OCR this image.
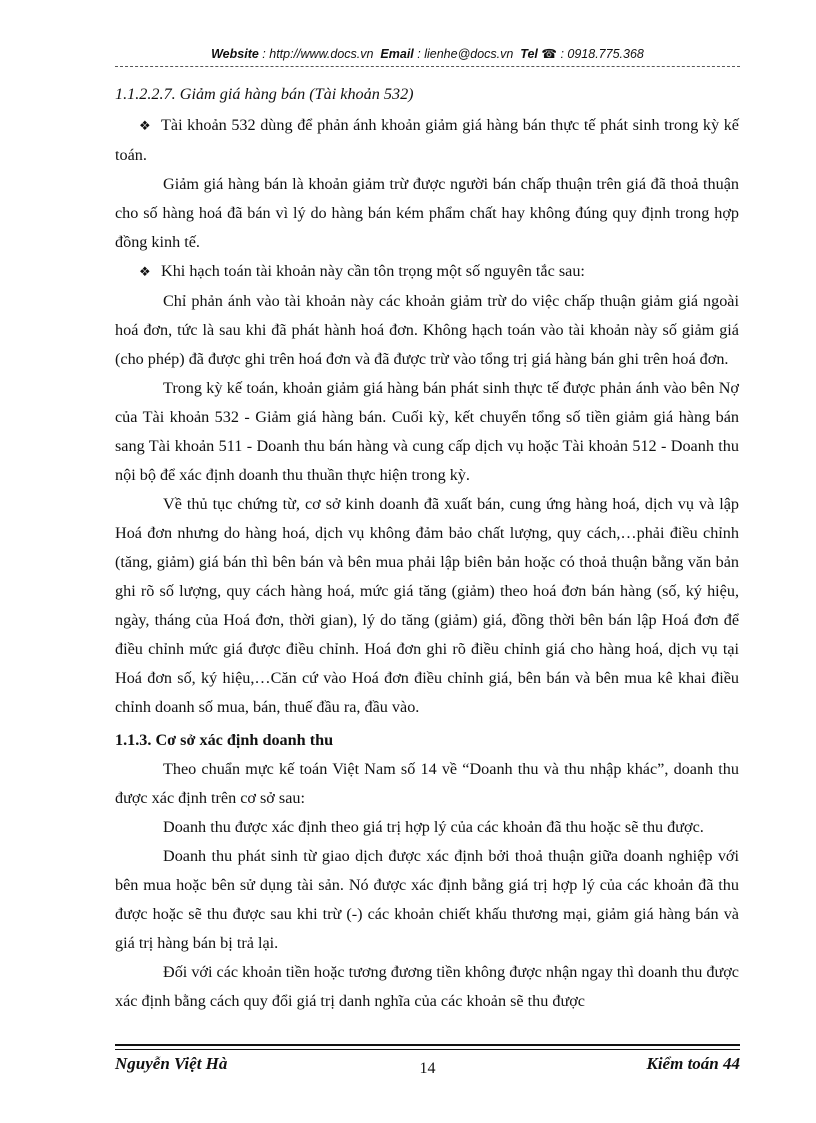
Website : http://www.docs.vn Email : lienhe@docs.vn Tel ☎ : 0918.775.368

1.1.2.2.7. Giảm giá hàng bán (Tài khoản 532)

❖ Tài khoản 532 dùng để phản ánh khoản giảm giá hàng bán thực tế phát sinh trong kỳ kế toán.

Giảm giá hàng bán là khoản giảm trừ được người bán chấp thuận trên giá đã thoả thuận cho số hàng hoá đã bán vì lý do hàng bán kém phẩm chất hay không đúng quy định trong hợp đồng kinh tế.

❖ Khi hạch toán tài khoản này cần tôn trọng một số nguyên tắc sau:

Chỉ phản ánh vào tài khoản này các khoản giảm trừ do việc chấp thuận giảm giá ngoài hoá đơn, tức là sau khi đã phát hành hoá đơn. Không hạch toán vào tài khoản này số giảm giá (cho phép) đã được ghi trên hoá đơn và đã được trừ vào tổng trị giá hàng bán ghi trên hoá đơn.

Trong kỳ kế toán, khoản giảm giá hàng bán phát sinh thực tế được phản ánh vào bên Nợ của Tài khoản 532 - Giảm giá hàng bán. Cuối kỳ, kết chuyển tổng số tiền giảm giá hàng bán sang Tài khoản 511 - Doanh thu bán hàng và cung cấp dịch vụ hoặc Tài khoản 512 - Doanh thu nội bộ để xác định doanh thu thuần thực hiện trong kỳ.

Về thủ tục chứng từ, cơ sở kinh doanh đã xuất bán, cung ứng hàng hoá, dịch vụ và lập Hoá đơn nhưng do hàng hoá, dịch vụ không đảm bảo chất lượng, quy cách,…phải điều chỉnh (tăng, giảm) giá bán thì bên bán và bên mua phải lập biên bản hoặc có thoả thuận bằng văn bản ghi rõ số lượng, quy cách hàng hoá, mức giá tăng (giảm) theo hoá đơn bán hàng (số, ký hiệu, ngày, tháng của Hoá đơn, thời gian), lý do tăng (giảm) giá, đồng thời bên bán lập Hoá đơn để điều chỉnh mức giá được điều chỉnh. Hoá đơn ghi rõ điều chỉnh giá cho hàng hoá, dịch vụ tại Hoá đơn số, ký hiệu,…Căn cứ vào Hoá đơn điều chỉnh giá, bên bán và bên mua kê khai điều chỉnh doanh số mua, bán, thuế đầu ra, đầu vào.

1.1.3. Cơ sở xác định doanh thu

Theo chuẩn mực kế toán Việt Nam số 14 về “Doanh thu và thu nhập khác”, doanh thu được xác định trên cơ sở sau:

Doanh thu được xác định theo giá trị hợp lý của các khoản đã thu hoặc sẽ thu được.

Doanh thu phát sinh từ giao dịch được xác định bởi thoả thuận giữa doanh nghiệp với bên mua hoặc bên sử dụng tài sản. Nó được xác định bằng giá trị hợp lý của các khoản đã thu được hoặc sẽ thu được sau khi trừ (-) các khoản chiết khấu thương mại, giảm giá hàng bán và giá trị hàng bán bị trả lại.

Đối với các khoản tiền hoặc tương đương tiền không được nhận ngay thì doanh thu được xác định bằng cách quy đổi giá trị danh nghĩa của các khoản sẽ thu được

Nguyễn Việt Hà	14	Kiểm toán 44
